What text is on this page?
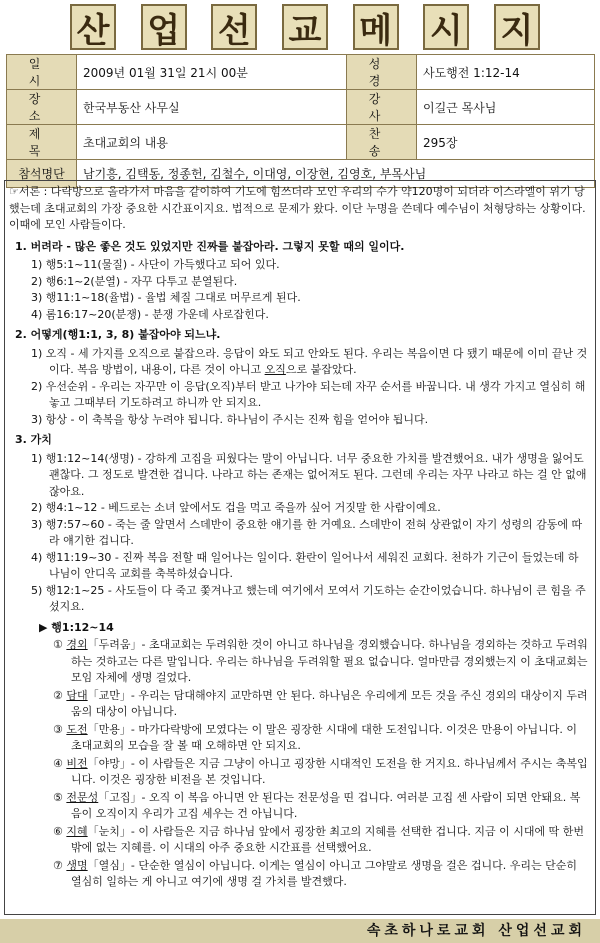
산 업 선 교 메 시 지
일 시	2009년 01월 31일 21시 00분	성 경	사도행전 1:12-14
장 소	한국부동산 사무실	강 사	이길근 목사님
제 목	초대교회의 내용	찬 송	295장
참석명단	남기흥, 김택동, 정종헌, 김철수, 이대영, 이장현, 김영호, 부목사님		

☞서론 : 다락방으로 올라가서 마음을 같이하여 기도에 힘쓰더라 모인 우리의 수가 약120명이 되더라 이스라엘이 위기 당했는데 초대교회의 가장 중요한 시간표이지요. 법적으로 문제가 왔다. 이단 누명을 쓴데다 예수님이 처형당하는 상황이다. 이때에 모인 사람들이다.

1. 버려라 - 많은 좋은 것도 있었지만 진짜를 붙잡아라. 그렇지 못할 때의 일이다.
1) 행5:1~11(물질) - 사단이 가득했다고 되어 있다.
2) 행6:1~2(분열) - 자꾸 다투고 분열된다.
3) 행11:1~18(율법) - 율법 체질 그대로 머무르게 된다.
4) 롬16:17~20(분쟁) - 분쟁 가운데 사로잡힌다.
2. 어떻게(행1:1, 3, 8) 붙잡아야 되느냐.
1) 오직 - 세 가지를 오직으로 붙잡으라. 응답이 와도 되고 안와도 된다. 우리는 복음이면 다 됐기 때문에 이미 끝난 것이다. 복음 방법이, 내용이, 다른 것이 아니고 오직으로 붙잡았다.
2) 우선순위 - 우리는 자꾸만 이 응답(오직)부터 받고 나가야 되는데 자꾸 순서를 바꿉니다. 내 생각 가지고 열심히 해놓고 그때부터 기도하려고 하니까 안 되지요.
3) 항상 - 이 축복을 항상 누려야 됩니다. 하나님이 주시는 진짜 힘을 얻어야 됩니다.
3. 가치
1) 행1:12~14(생명) - 강하게 고집을 피웠다는 말이 아닙니다. 너무 중요한 가치를 발견했어요. 내가 생명을 잃어도 괜찮다. 그 정도로 발견한 겁니다. 나라고 하는 존재는 없어져도 된다. 그런데 우리는 자꾸 나라고 하는 걸 안 없애잖아요.
2) 행4:1~12 - 베드로는 소녀 앞에서도 겁을 먹고 죽을까 싶어 거짓말 한 사람이예요.
3) 행7:57~60 - 죽는 줄 알면서 스데반이 중요한 얘기를 한 거예요. 스데반이 전혀 상관없이 자기 성령의 감동에 따라 얘기한 겁니다.
4) 행11:19~30 - 진짜 복음 전할 때 일어나는 일이다. 환란이 일어나서 세워진 교회다. 천하가 기근이 들었는데 하나님이 안디옥 교회를 축복하셨습니다.
5) 행12:1~25 - 사도들이 다 죽고 쫓겨나고 했는데 여기에서 모여서 기도하는 순간이었습니다. 하나님이 큰 힘을 주셨지요.
▶ 행1:12~14
① 경외「두려움」- 초대교회는 두려워한 것이 아니고 하나님을 경외했습니다. 하나님을 경외하는 것하고 두려워하는 것하고는 다른 말입니다. 우리는 하나님을 두려워할 필요 없습니다. 얼마만큼 경외했는지 이 초대교회는 모임 자체에 생명 걸었다.
② 담대「교만」- 우리는 담대해야지 교만하면 안 된다. 하나님은 우리에게 모든 것을 주신 경외의 대상이지 두려움의 대상이 아닙니다.
③ 도전「만용」- 마가다락방에 모였다는 이 말은 굉장한 시대에 대한 도전입니다. 이것은 만용이 아닙니다. 이 초대교회의 모습을 잘 볼 때 오해하면 안 되지요.
④ 비전「야망」- 이 사람들은 지금 그냥이 아니고 굉장한 시대적인 도전을 한 거지요. 하나님께서 주시는 축복입니다. 이것은 굉장한 비전을 본 것입니다.
⑤ 전문성「고집」- 오직 이 복음 아니면 안 된다는 전문성을 띤 겁니다. 여러분 고집 센 사람이 되면 안돼요. 복음이 오직이지 우리가 고집 세우는 건 아닙니다.
⑥ 지혜「눈치」- 이 사람들은 지금 하나님 앞에서 굉장한 최고의 지혜를 선택한 겁니다. 지금 이 시대에 딱 한번밖에 없는 지혜를. 이 시대의 아주 중요한 시간표를 선택했어요.
⑦ 생명「열심」- 단순한 열심이 아닙니다. 이게는 열심이 아니고 그야말로 생명을 걸은 겁니다. 우리는 단순히 열심히 일하는 게 아니고 여기에 생명 걸 가치를 발견했다.
속초하나로교회 산업선교회
